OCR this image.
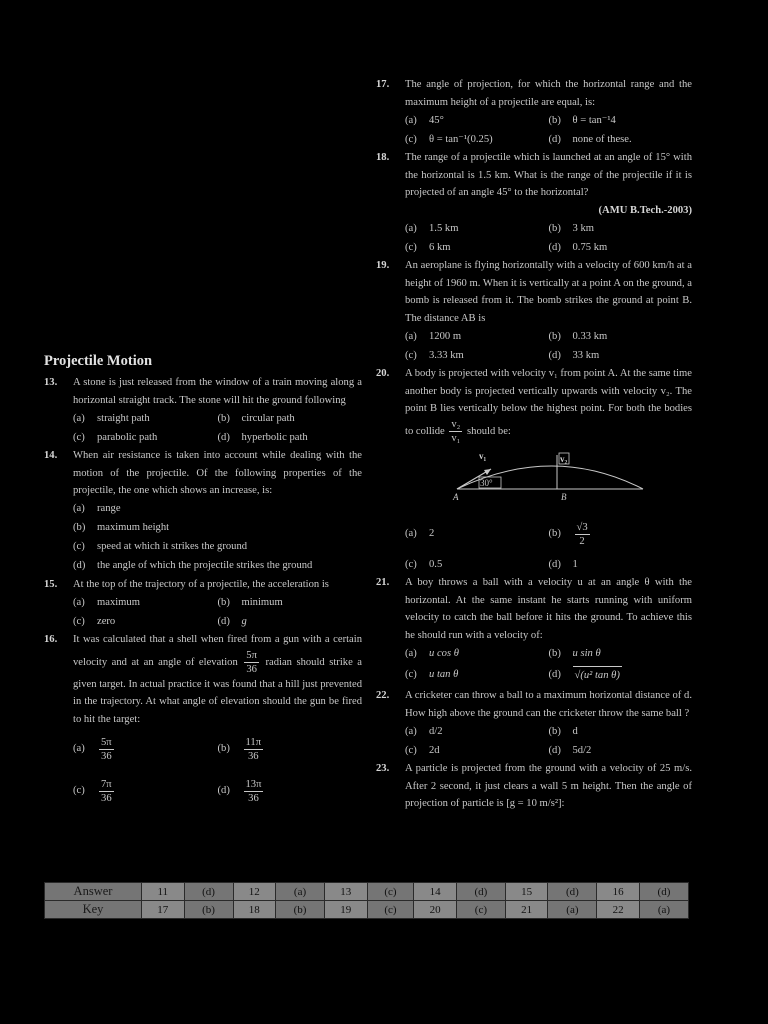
Projectile Motion
13.	A stone is just released from the window of a train moving along a horizontal straight track. The stone will hit the ground following
(a)	straight path	(b)	circular path
(c)	parabolic path	(d)	hyperbolic path
14.	When air resistance is taken into account while dealing with the motion of the projectile. Of the following properties of the projectile, the one which shows an increase, is:
(a)	range
(b)	maximum height
(c)	speed at which it strikes the ground
(d)	the angle of which the projectile strikes the ground
15.	At the top of the trajectory of a projectile, the acceleration is
(a)	maximum	(b)	minimum
(c)	zero	(d)	g
16.	It was calculated that a shell when fired from a gun with a certain velocity and at an angle of elevation $\frac{5\pi}{36}$ radian should strike a given target. In actual practice it was found that a hill just prevented in the trajectory. At what angle of elevation should the gun be fired to hit the target:
(a)	$\frac{5\pi}{36}$	(b)	$\frac{11\pi}{36}$
(c)	$\frac{7\pi}{36}$	(d)	$\frac{13\pi}{36}$
17.	The angle of projection, for which the horizontal range and the maximum height of a projectile are equal, is:
(a)	45°	(b)	θ = tan⁻¹4
(c)	θ = tan⁻¹(0.25)	(d)	none of these.
18.	The range of a projectile which is launched at an angle of 15° with the horizontal is 1.5 km. What is the range of the projectile if it is projected of an angle 45° to the horizontal?
(AMU B.Tech.-2003)
(a)	1.5 km	(b)	3 km
(c)	6 km	(d)	0.75 km
19.	An aeroplane is flying horizontally with a velocity of 600 km/h at a height of 1960 m. When it is vertically at a point A on the ground, a bomb is released from it. The bomb strikes the ground at point B. The distance AB is
(a)	1200 m	(b)	0.33 km
(c)	3.33 km	(d)	33 km
20.	A body is projected with velocity v₁ from point A. At the same time another body is projected vertically upwards with velocity v₂. The point B lies vertically below the highest point. For both the bodies to collide $\frac{\text{v₂}}{\text{v₁}}$ should be:
30°
v₁	v₂
A	B
(a)	2	(b)	$\frac{√3}{2}$
(c)	0.5	(d)	1
21.	A boy throws a ball with a velocity u at an angle θ with the horizontal. At the same instant he starts running with uniform velocity to catch the ball before it hits the ground. To achieve this he should run with a velocity of:
(a)	u cos θ	(b)	u sin θ
(c)	u tan θ	(d)	√(u² tan θ)
22.	A cricketer can throw a ball to a maximum horizontal distance of d. How high above the ground can the cricketer throw the same ball ?
(a)	d/2	(b)	d
(c)	2d	(d)	5d/2
23.	A particle is projected from the ground with a velocity of 25 m/s. After 2 second, it just clears a wall 5 m height. Then the angle of projection of particle is [g = 10 m/s²]:
Answer	11	(d)	12	(a)	13	(c)	14	(d)	15	(d)	16	(d)
Key	17	(b)	18	(b)	19	(c)	20	(c)	21	(a)	22	(a)
